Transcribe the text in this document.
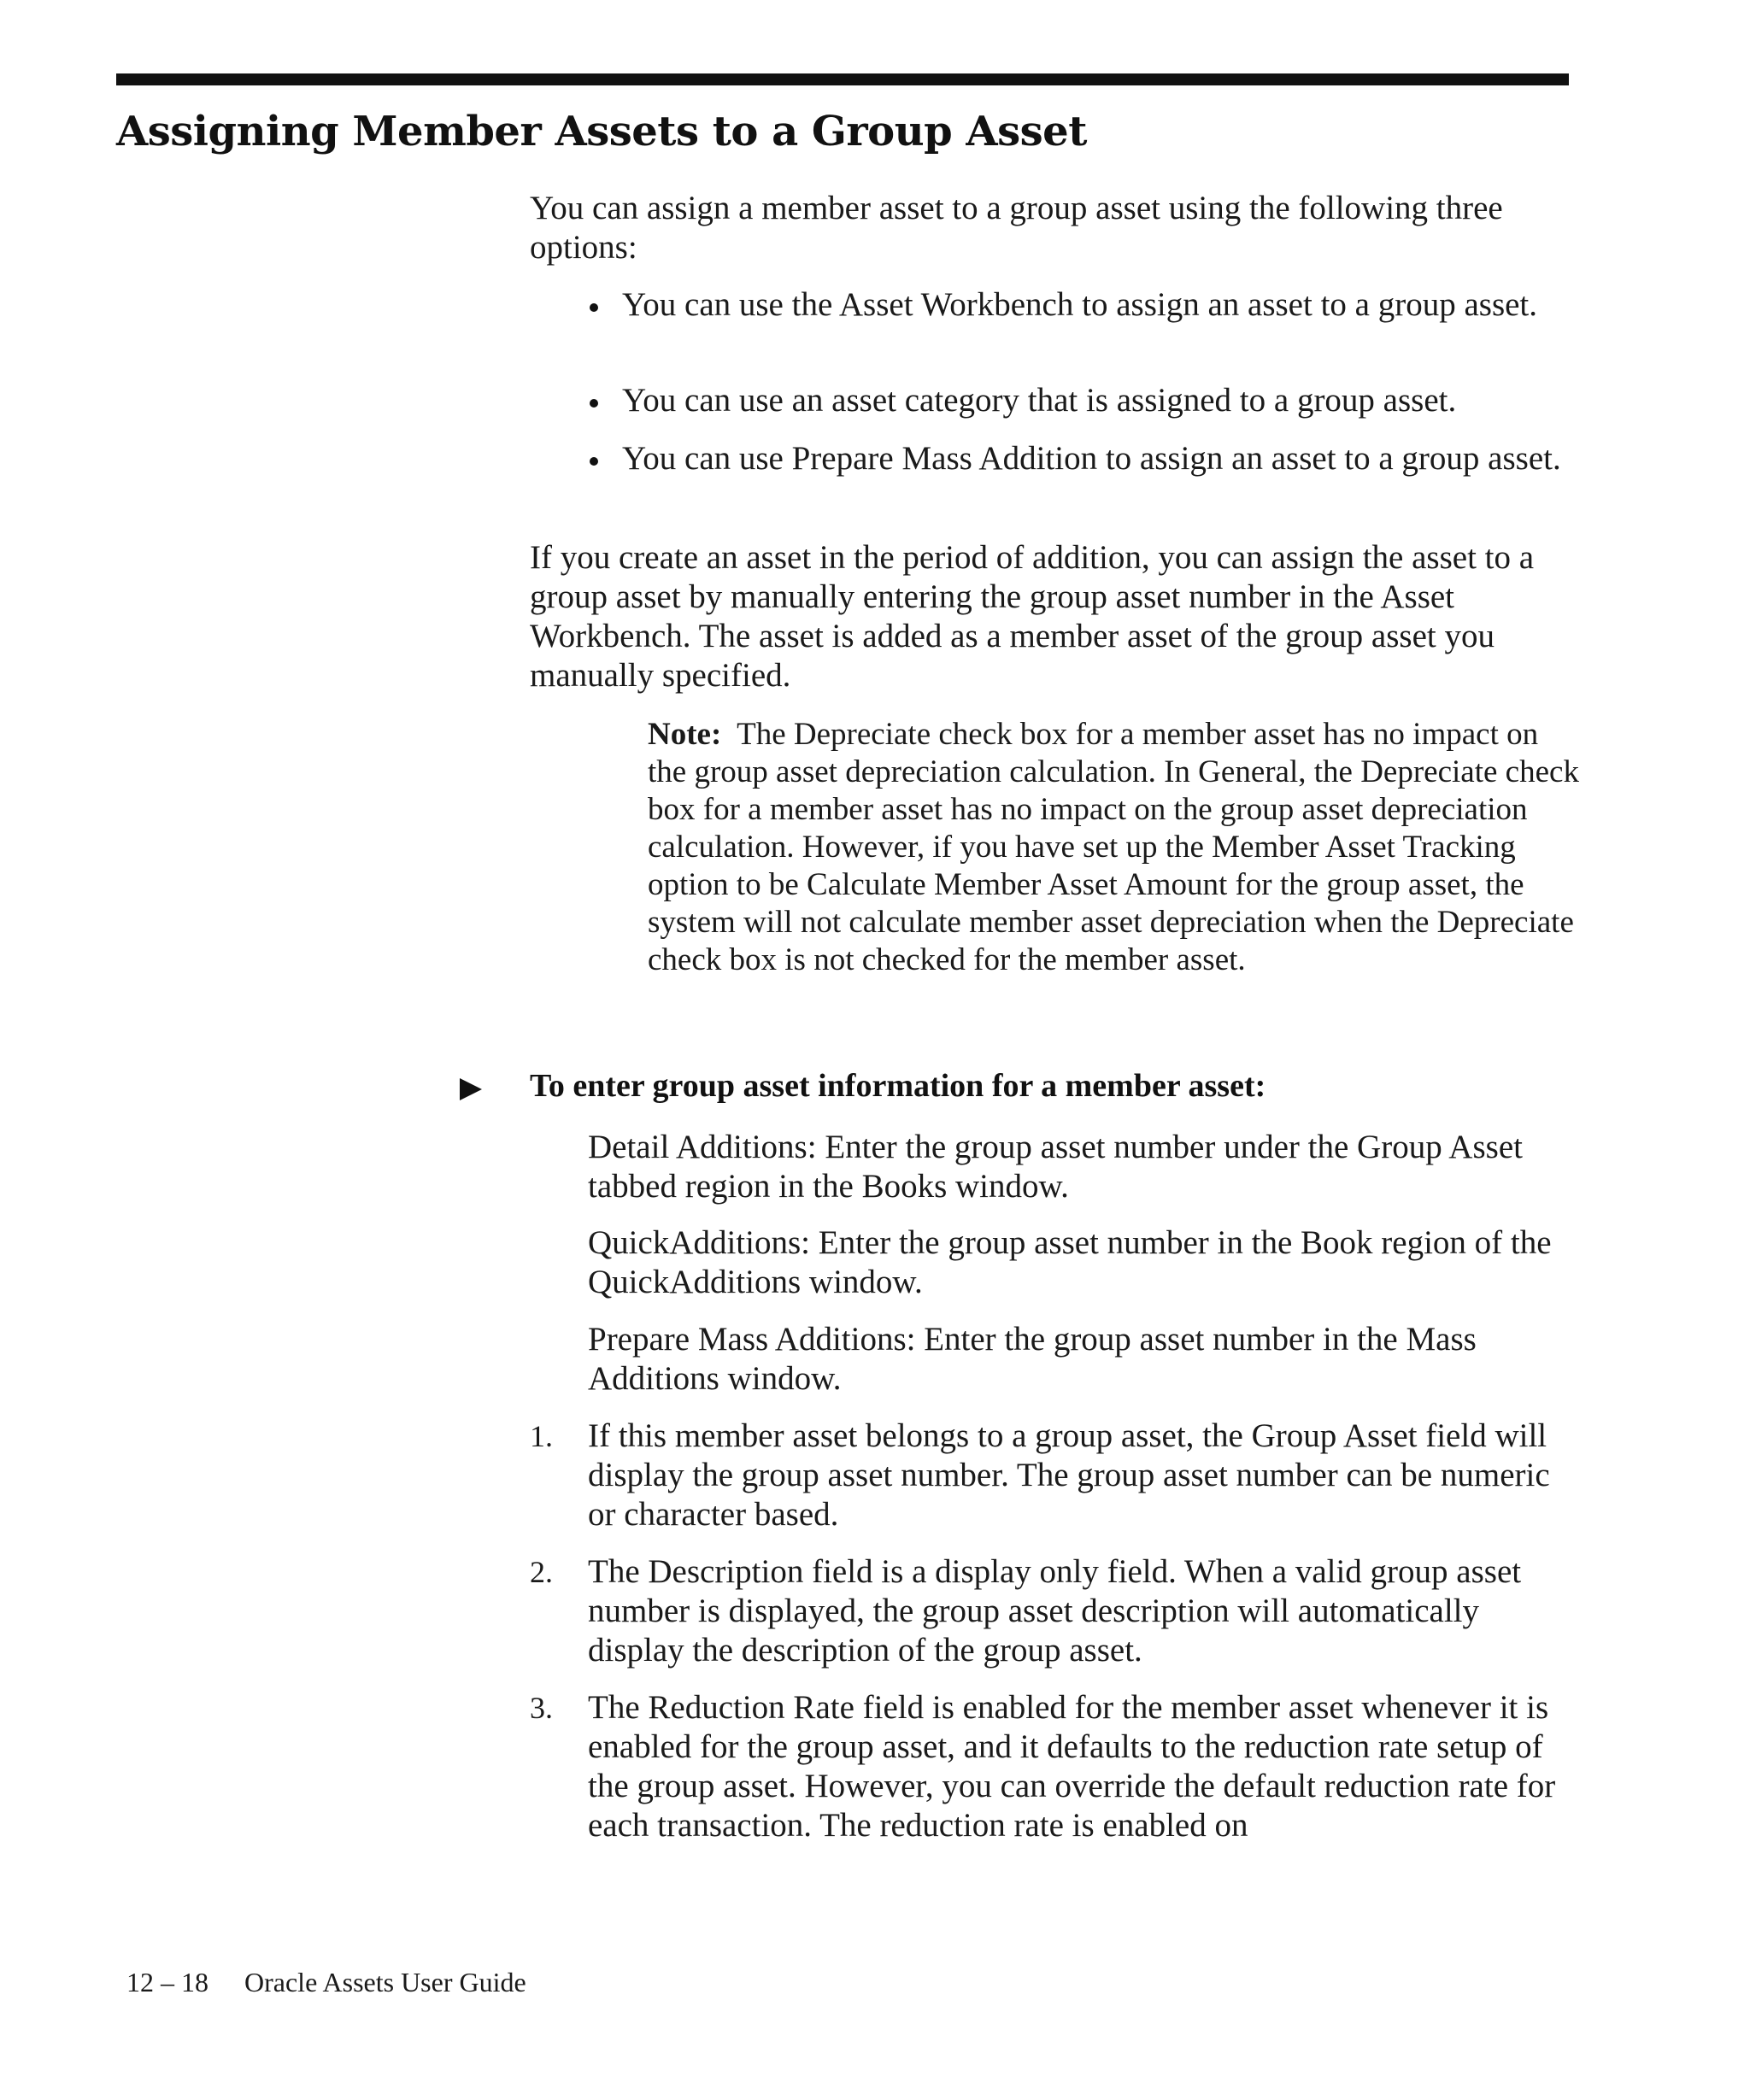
Assigning Member Assets to a Group Asset

You can assign a member asset to a group asset using the following three options:

You can use the Asset Workbench to assign an asset to a group asset.

You can use an asset category that is assigned to a group asset.

You can use Prepare Mass Addition to assign an asset to a group asset.

If you create an asset in the period of addition, you can assign the asset to a group asset by manually entering the group asset number in the Asset Workbench. The asset is added as a member asset of the group asset you manually specified.

Note: The Depreciate check box for a member asset has no impact on the group asset depreciation calculation. In General, the Depreciate check box for a member asset has no impact on the group asset depreciation calculation. However, if you have set up the Member Asset Tracking option to be Calculate Member Asset Amount for the group asset, the system will not calculate member asset depreciation when the Depreciate check box is not checked for the member asset.

To enter group asset information for a member asset:

Detail Additions: Enter the group asset number under the Group Asset tabbed region in the Books window.

QuickAdditions: Enter the group asset number in the Book region of the QuickAdditions window.

Prepare Mass Additions: Enter the group asset number in the Mass Additions window.

1. If this member asset belongs to a group asset, the Group Asset field will display the group asset number. The group asset number can be numeric or character based.

2. The Description field is a display only field. When a valid group asset number is displayed, the group asset description will automatically display the description of the group asset.

3. The Reduction Rate field is enabled for the member asset whenever it is enabled for the group asset, and it defaults to the reduction rate setup of the group asset. However, you can override the default reduction rate for each transaction. The reduction rate is enabled on

12 – 18 Oracle Assets User Guide
